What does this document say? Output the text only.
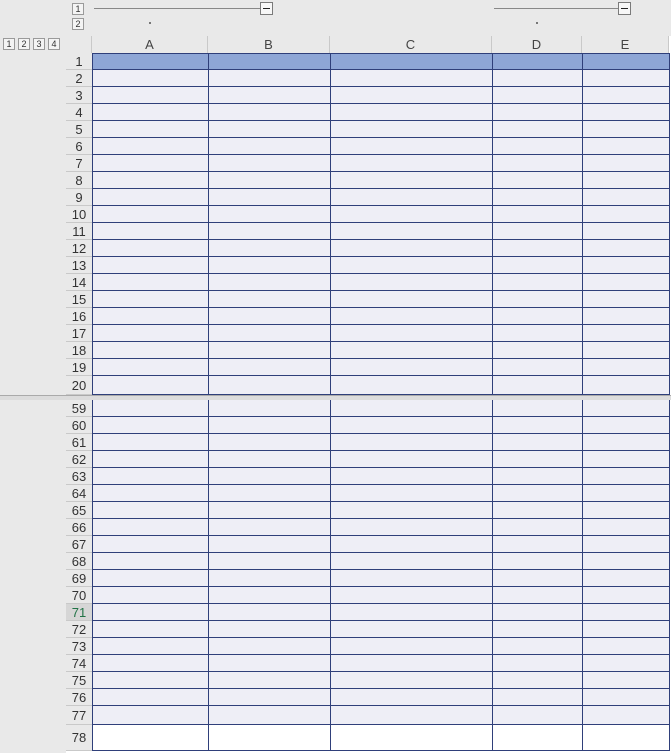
1
2
1	2	3	4	A	B	C	D	E
1
2
3
4
5
6
7
8
9
10
11
12
13
14
15
16
17
18
19
20
59
60
61
62
63
64
65
66
67
68
69
70
71
72
73
74
75
76
77
78
